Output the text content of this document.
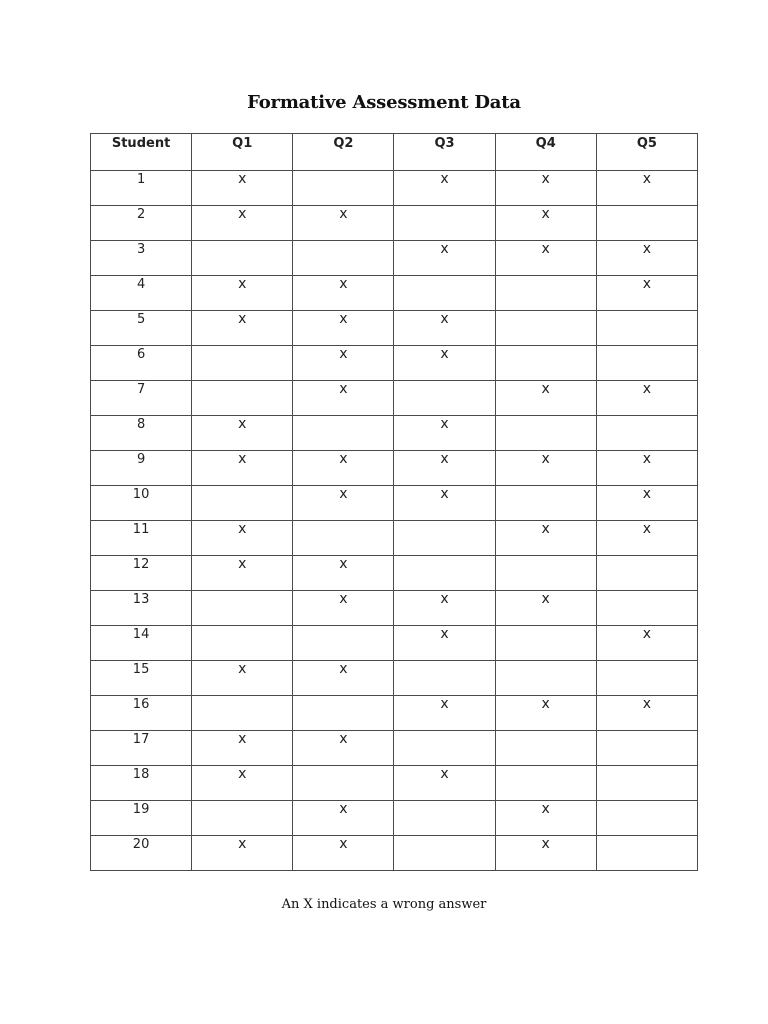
Formative Assessment Data
Student	Q1	Q2	Q3	Q4	Q5
1	x		x	x	x
2	x	x		x	
3			x	x	x
4	x	x			x
5	x	x	x		
6		x	x		
7		x		x	x
8	x		x		
9	x	x	x	x	x
10		x	x		x
11	x			x	x
12	x	x			
13		x	x	x	
14			x		x
15	x	x			
16			x	x	x
17	x	x			
18	x		x		
19		x		x	
20	x	x		x	
An X indicates a wrong answer
